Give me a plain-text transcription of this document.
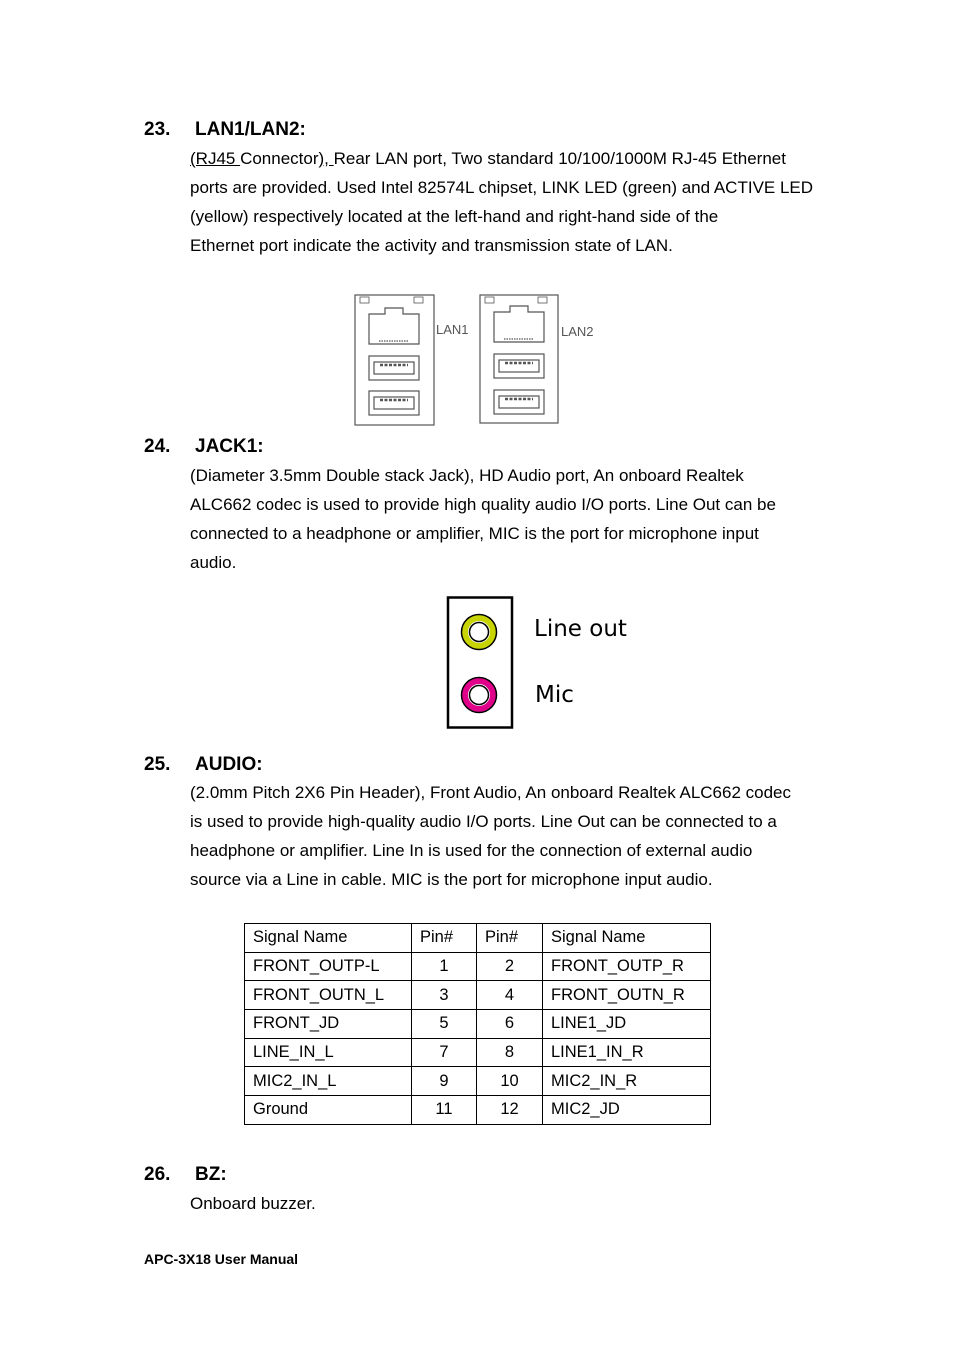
23. LAN1/LAN2:

(RJ45 Connector), Rear LAN port, Two standard 10/100/1000M RJ-45 Ethernet

ports are provided. Used Intel 82574L chipset, LINK LED (green) and ACTIVE LED

(yellow) respectively located at the left-hand and right-hand side of the

Ethernet port indicate the activity and transmission state of LAN.

LAN1	LAN2
24. JACK1:

(Diameter 3.5mm Double stack Jack), HD Audio port, An onboard Realtek

ALC662 codec is used to provide high quality audio I/O ports. Line Out can be

connected to a headphone or amplifier, MIC is the port for microphone input

audio.

Line out
Mic
25. AUDIO:

(2.0mm Pitch 2X6 Pin Header), Front Audio, An onboard Realtek ALC662 codec

is used to provide high-quality audio I/O ports. Line Out can be connected to a

headphone or amplifier. Line In is used for the connection of external audio

source via a Line in cable. MIC is the port for microphone input audio.

Signal Name	Pin#	Pin#	Signal Name
FRONT_OUTP-L	1	2	FRONT_OUTP_R
FRONT_OUTN_L	3	4	FRONT_OUTN_R
FRONT_JD	5	6	LINE1_JD
LINE_IN_L	7	8	LINE1_IN_R
MIC2_IN_L	9	10	MIC2_IN_R
Ground	11	12	MIC2_JD
26. BZ:

Onboard buzzer.

APC-3X18 User Manual
